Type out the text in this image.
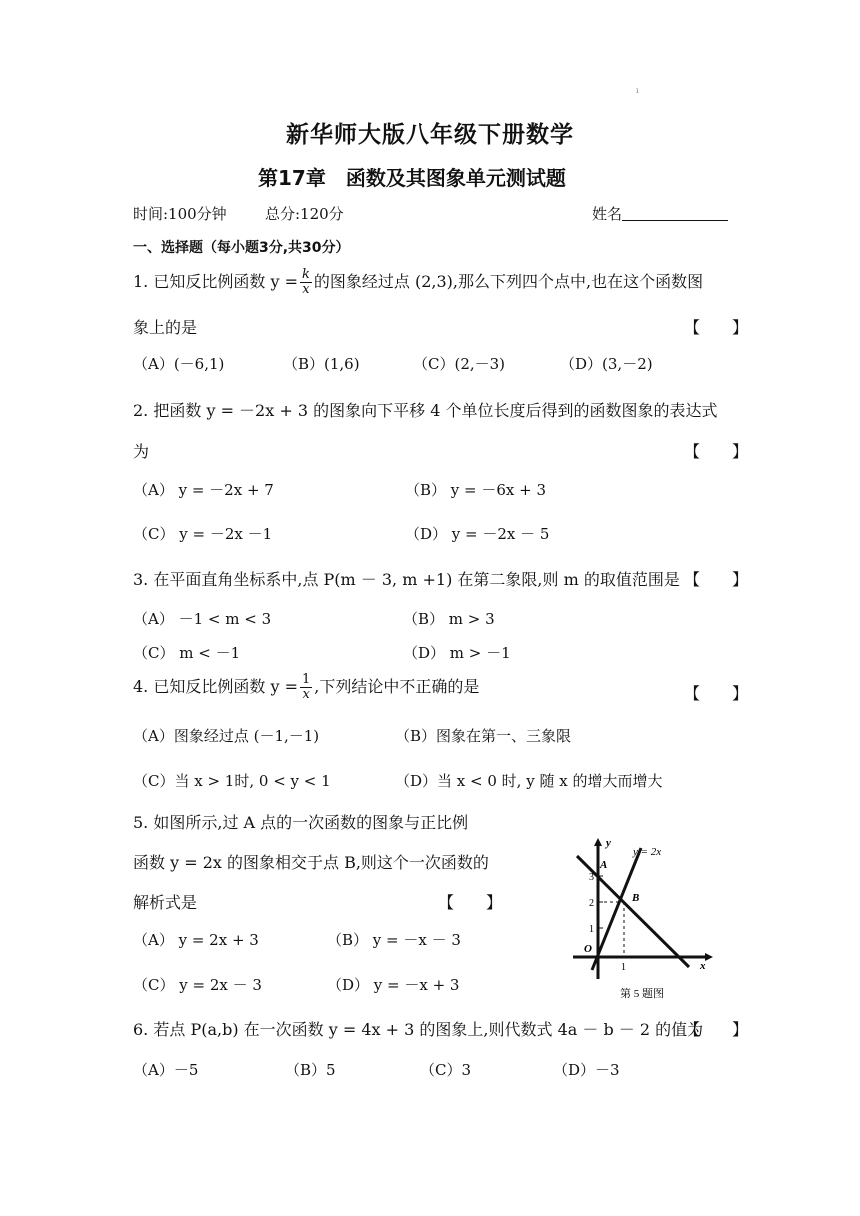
ı
新华师大版八年级下册数学
第17章　函数及其图象单元测试题
时间:100分钟	总分:120分	姓名
一、选择题（每小题3分,共30分）
1. 已知反比例函数 $y = \frac{k}{x}$ 的图象经过点 (2,3),那么下列四个点中,也在这个函数图
象上的是	【　　】
（A）(－6,1)	（B）(1,6)	（C）(2,－3)	（D）(3,－2)
2. 把函数 y = －2x + 3 的图象向下平移 4 个单位长度后得到的函数图象的表达式
为	【　　】
（A） y = －2x + 7	（B） y = －6x + 3
（C） y = －2x －1	（D） y = －2x － 5
3. 在平面直角坐标系中,点 P(m － 3, m +1) 在第二象限,则 m 的取值范围是 【　　】
（A） －1 < m < 3	（B） m > 3
（C） m < －1	（D） m > －1
4. 已知反比例函数 $y = \frac{1}{x}$ ,下列结论中不正确的是	【　　】
（A）图象经过点 (－1,－1)	（B）图象在第一、三象限
（C）当 x > 1时, 0 < y < 1	（D）当 x < 0 时, y 随 x 的增大而增大
5. 如图所示,过 A 点的一次函数的图象与正比例
函数 y = 2x 的图象相交于点 B,则这个一次函数的
解析式是	【　　】
（A） y = 2x + 3	（B） y = －x － 3
（C） y = 2x － 3	（D） y = －x + 3
y = 2x
y
x
A
B
O
3
2
1
1
第 5 题图
6. 若点 P(a,b) 在一次函数 y = 4x + 3 的图象上,则代数式 4a － b － 2 的值为
【　　】
（A）－5	（B）5	（C）3	（D）－3
